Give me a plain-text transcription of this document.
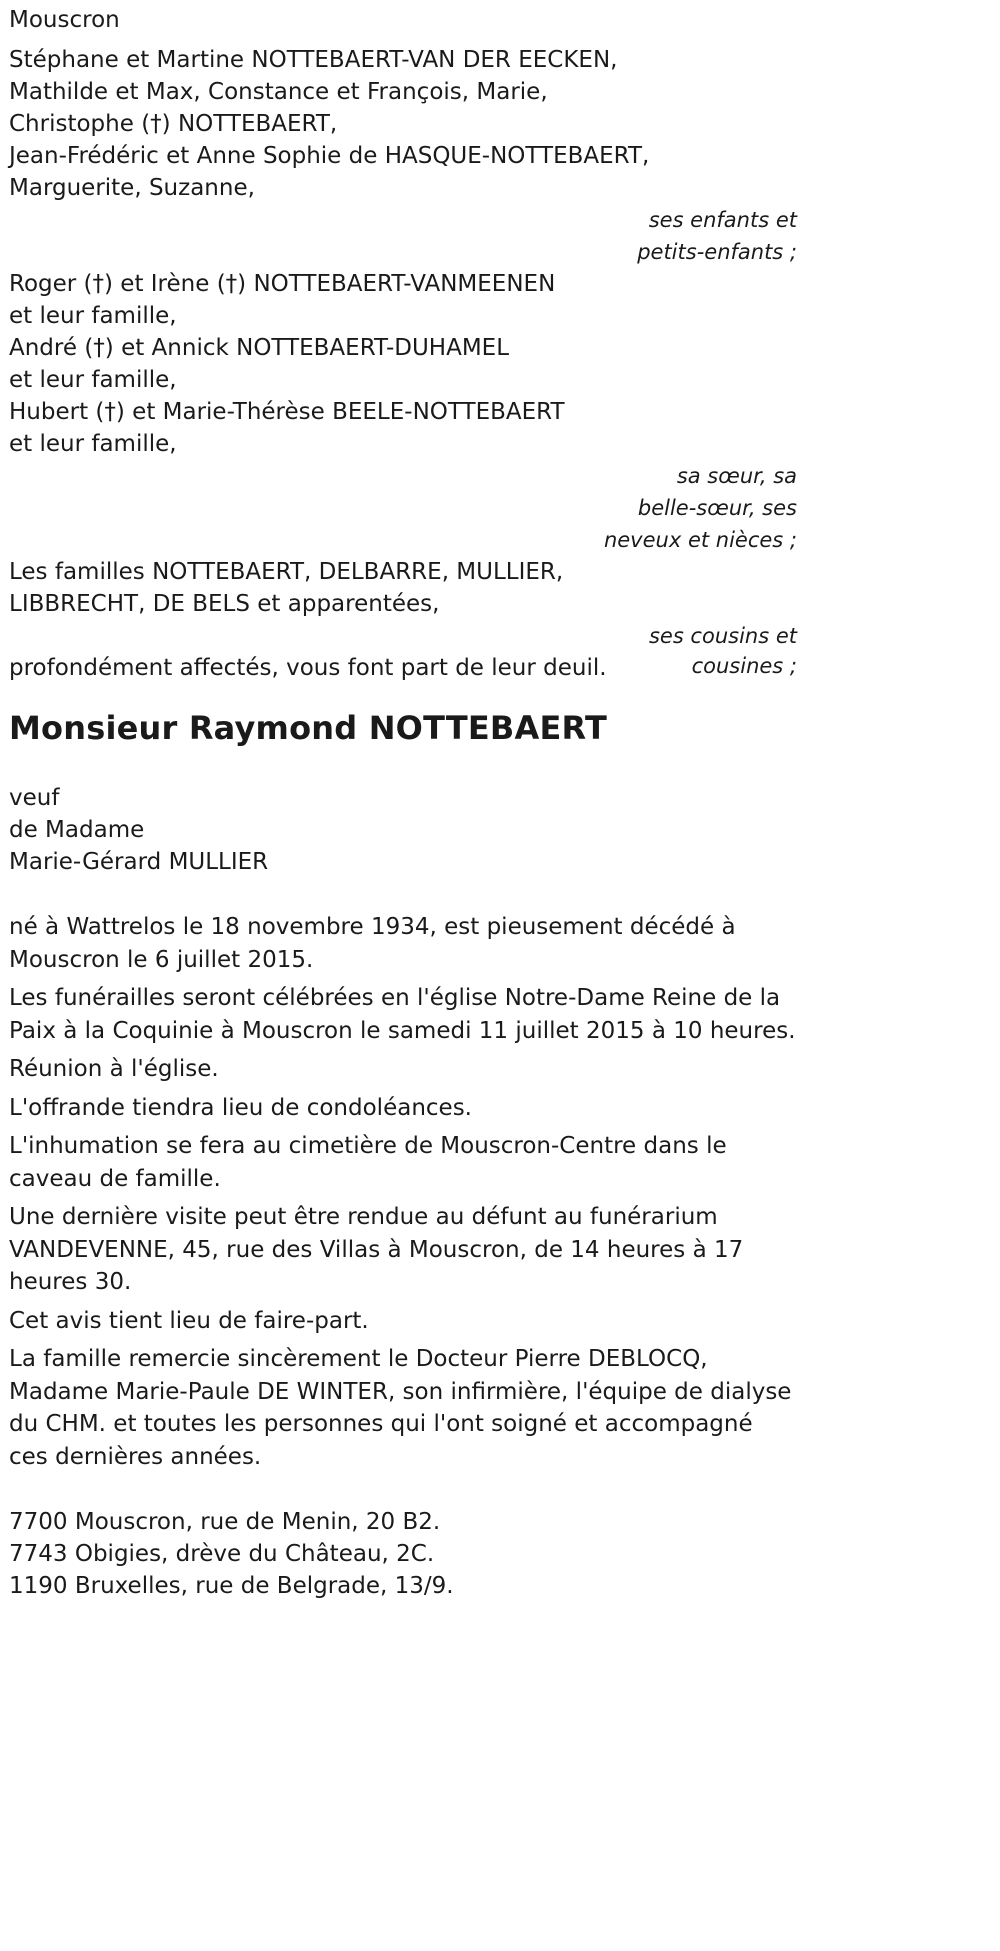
Mouscron
Stéphane et Martine NOTTEBAERT-VAN DER EECKEN,
Mathilde et Max, Constance et François, Marie,
Christophe (†) NOTTEBAERT,
Jean-Frédéric et Anne Sophie de HASQUE-NOTTEBAERT,
Marguerite, Suzanne,
ses enfants et
petits-enfants ;
Roger (†) et Irène (†) NOTTEBAERT-VANMEENEN
et leur famille,
André (†) et Annick NOTTEBAERT-DUHAMEL
et leur famille,
Hubert (†) et Marie-Thérèse BEELE-NOTTEBAERT
et leur famille,
sa sœur, sa
belle-sœur, ses
neveux et nièces ;
Les familles NOTTEBAERT, DELBARRE, MULLIER,
LIBBRECHT, DE BELS et apparentées,
ses cousins et
profondément affectés, vous font part de leur deuil.	cousines ;
Monsieur Raymond NOTTEBAERT
veuf
de Madame
Marie-Gérard MULLIER
né à Wattrelos le 18 novembre 1934, est pieusement décédé à Mouscron le 6 juillet 2015.
Les funérailles seront célébrées en l'église Notre-Dame Reine de la Paix à la Coquinie à Mouscron le samedi 11 juillet 2015 à 10 heures.
Réunion à l'église.
L'offrande tiendra lieu de condoléances.
L'inhumation se fera au cimetière de Mouscron-Centre dans le caveau de famille.
Une dernière visite peut être rendue au défunt au funérarium VANDEVENNE, 45, rue des Villas à Mouscron, de 14 heures à 17 heures 30.
Cet avis tient lieu de faire-part.
La famille remercie sincèrement le Docteur Pierre DEBLOCQ, Madame Marie-Paule DE WINTER, son infirmière, l'équipe de dialyse du CHM. et toutes les personnes qui l'ont soigné et accompagné ces dernières années.
7700 Mouscron, rue de Menin, 20 B2.
7743 Obigies, drève du Château, 2C.
1190 Bruxelles, rue de Belgrade, 13/9.
